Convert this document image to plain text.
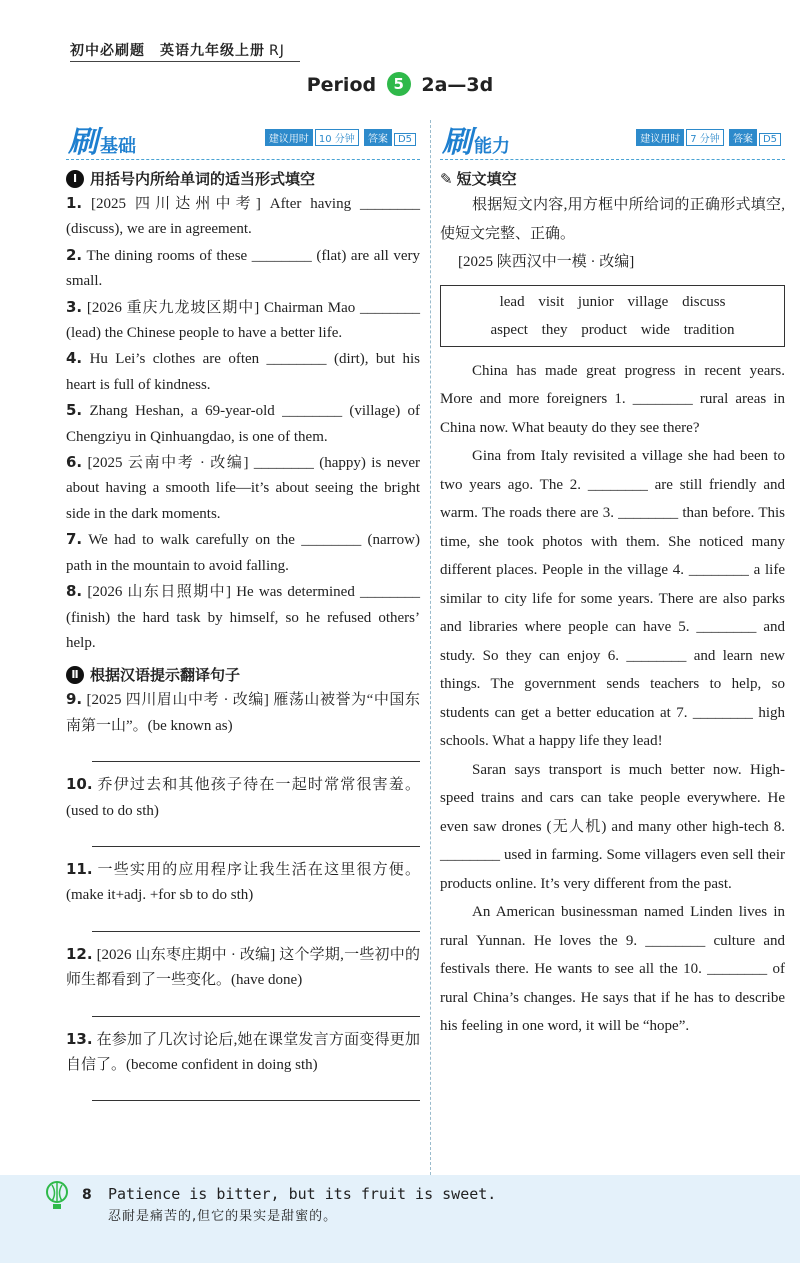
初中必刷题　英语九年级上册 RJ
Period 5 2a—3d
刷基础	建议用时 10 分钟 答案 D5
Ⅰ 用括号内所给单词的适当形式填空

1. [2025 四川达州中考] After having ________ (discuss), we are in agreement.

2. The dining rooms of these ________ (flat) are all very small.

3. [2026 重庆九龙坡区期中] Chairman Mao ________ (lead) the Chinese people to have a better life.

4. Hu Lei’s clothes are often ________ (dirt), but his heart is full of kindness.

5. Zhang Heshan, a 69-year-old ________ (village) of Chengziyu in Qinhuangdao, is one of them.

6. [2025 云南中考 · 改编] ________ (happy) is never about having a smooth life—it’s about seeing the bright side in the dark moments.

7. We had to walk carefully on the ________ (narrow) path in the mountain to avoid falling.

8. [2026 山东日照期中] He was determined ________ (finish) the hard task by himself, so he refused others’ help.

Ⅱ 根据汉语提示翻译句子

9. [2025 四川眉山中考 · 改编] 雁荡山被誉为“中国东南第一山”。(be known as)

10. 乔伊过去和其他孩子待在一起时常常很害羞。(used to do sth)

11. 一些实用的应用程序让我生活在这里很方便。(make it+adj. +for sb to do sth)

12. [2026 山东枣庄期中 · 改编] 这个学期,一些初中的师生都看到了一些变化。(have done)

13. 在参加了几次讨论后,她在课堂发言方面变得更加自信了。(become confident in doing sth)

刷能力	建议用时 7 分钟 答案 D5
✎ 短文填空

根据短文内容,用方框中所给词的正确形式填空,使短文完整、正确。

[2025 陕西汉中一模 · 改编]

lead visit junior village discuss
aspect they product wide tradition

China has made great progress in recent years. More and more foreigners 1. ________ rural areas in China now. What beauty do they see there?

Gina from Italy revisited a village she had been to two years ago. The 2. ________ are still friendly and warm. The roads there are 3. ________ than before. This time, she took photos with them. She noticed many different places. People in the village 4. ________ a life similar to city life for some years. There are also parks and libraries where people can have 5. ________ and study. So they can enjoy 6. ________ and learn new things. The government sends teachers to help, so students can get a better education at 7. ________ high schools. What a happy life they lead!

Saran says transport is much better now. High-speed trains and cars can take people everywhere. He even saw drones (无人机) and many other high-tech 8. ________ used in farming. Some villagers even sell their products online. It’s very different from the past.

An American businessman named Linden lives in rural Yunnan. He loves the 9. ________ culture and festivals there. He wants to see all the 10. ________ of rural China’s changes. He says that if he has to describe his feeling in one word, it will be “hope”.

8 Patience is bitter, but its fruit is sweet.
忍耐是痛苦的,但它的果实是甜蜜的。
